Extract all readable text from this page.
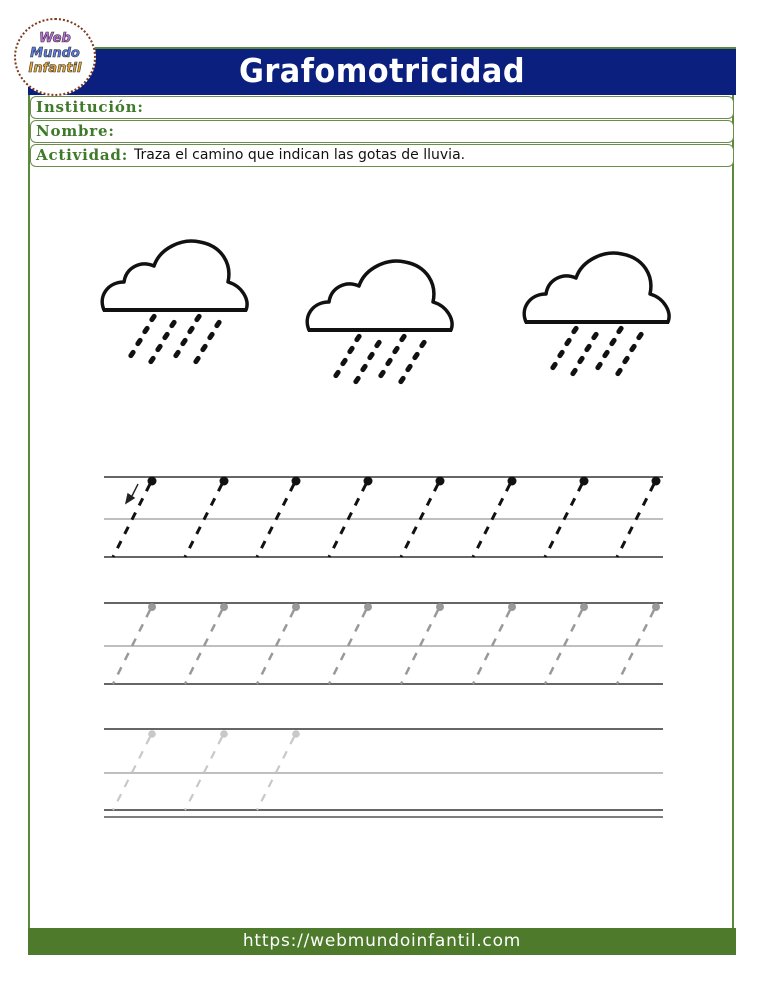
Grafomotricidad
Web
Mundo
Infantil
Institución:
Nombre:
Actividad: Traza el camino que indican las gotas de lluvia.
https://webmundoinfantil.com
